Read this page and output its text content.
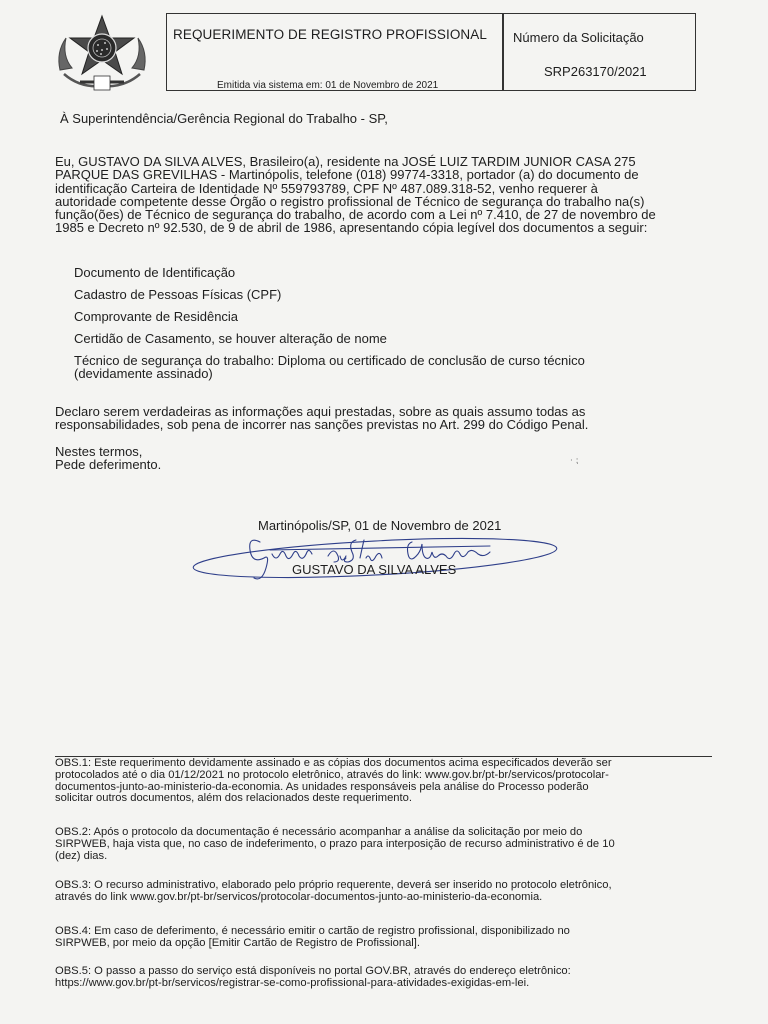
REQUERIMENTO DE REGISTRO PROFISSIONAL
Emitida via sistema em: 01 de Novembro de 2021
Número da Solicitação
SRP263170/2021
À Superintendência/Gerência Regional do Trabalho - SP,
Eu, GUSTAVO DA SILVA ALVES, Brasileiro(a), residente na JOSÉ LUIZ TARDIM JUNIOR CASA 275
PARQUE DAS GREVILHAS - Martinópolis, telefone (018) 99774-3318, portador (a) do documento de
identificação Carteira de Identidade Nº 559793789, CPF Nº 487.089.318-52, venho requerer à
autoridade competente desse Órgão o registro profissional de Técnico de segurança do trabalho na(s)
função(ões) de Técnico de segurança do trabalho, de acordo com a Lei nº 7.410, de 27 de novembro de
1985 e Decreto nº 92.530, de 9 de abril de 1986, apresentando cópia legível dos documentos a seguir:
Documento de Identificação
Cadastro de Pessoas Físicas (CPF)
Comprovante de Residência
Certidão de Casamento, se houver alteração de nome
Técnico de segurança do trabalho: Diploma ou certificado de conclusão de curso técnico
(devidamente assinado)
Declaro serem verdadeiras as informações aqui prestadas, sobre as quais assumo todas as
responsabilidades, sob pena de incorrer nas sanções previstas no Art. 299 do Código Penal.
Nestes termos,
Pede deferimento.	⋅ ⁏
Martinópolis/SP, 01 de Novembro de 2021
GUSTAVO DA SILVA ALVES
OBS.1: Este requerimento devidamente assinado e as cópias dos documentos acima especificados deverão ser
protocolados até o dia 01/12/2021 no protocolo eletrônico, através do link: www.gov.br/pt-br/servicos/protocolar-
documentos-junto-ao-ministerio-da-economia. As unidades responsáveis pela análise do Processo poderão
solicitar outros documentos, além dos relacionados deste requerimento.
OBS.2: Após o protocolo da documentação é necessário acompanhar a análise da solicitação por meio do
SIRPWEB, haja vista que, no caso de indeferimento, o prazo para interposição de recurso administrativo é de 10
(dez) dias.
OBS.3: O recurso administrativo, elaborado pelo próprio requerente, deverá ser inserido no protocolo eletrônico,
através do link www.gov.br/pt-br/servicos/protocolar-documentos-junto-ao-ministerio-da-economia.
OBS.4: Em caso de deferimento, é necessário emitir o cartão de registro profissional, disponibilizado no
SIRPWEB, por meio da opção [Emitir Cartão de Registro de Profissional].
OBS.5: O passo a passo do serviço está disponíveis no portal GOV.BR, através do endereço eletrônico:
https://www.gov.br/pt-br/servicos/registrar-se-como-profissional-para-atividades-exigidas-em-lei.
